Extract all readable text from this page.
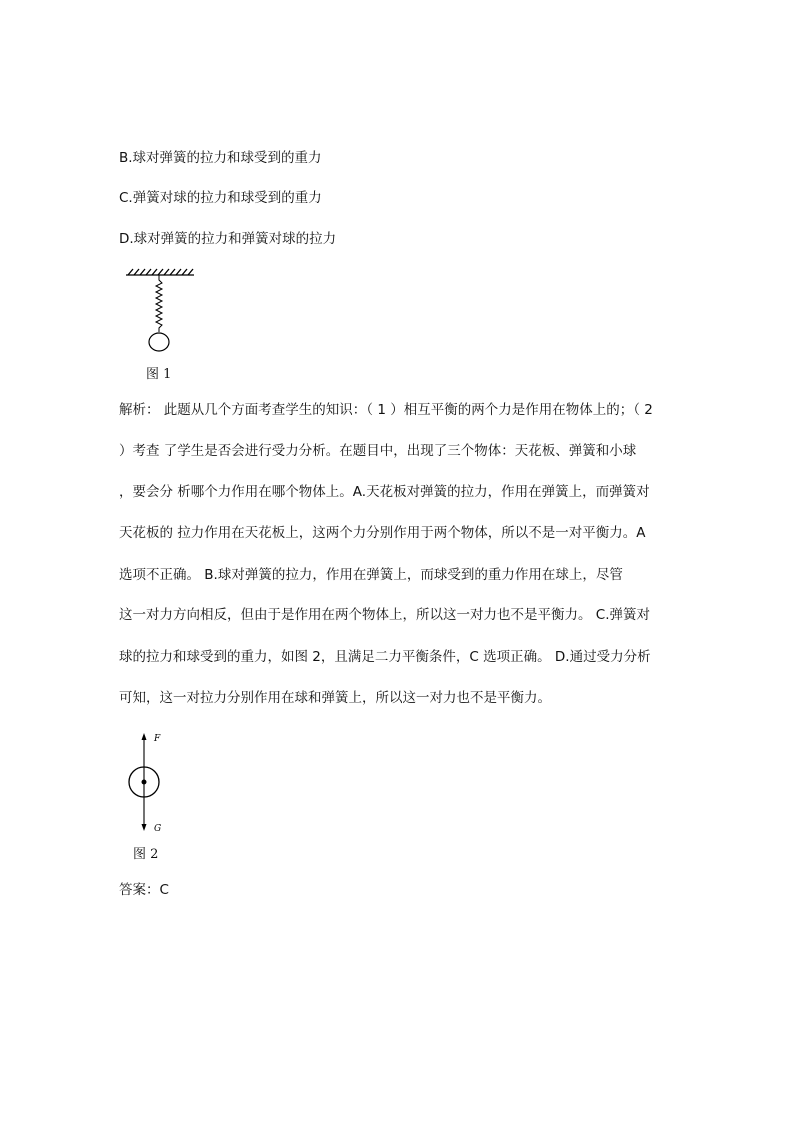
B.球对弹簧的拉力和球受到的重力
C.弹簧对球的拉力和球受到的重力
D.球对弹簧的拉力和弹簧对球的拉力
图 1
解析： 此题从几个方面考查学生的知识：（ 1 ）相互平衡的两个力是作用在物体上的；（ 2
）考查 了学生是否会进行受力分析。在题目中，出现了三个物体：天花板、弹簧和小球
，要会分 析哪个力作用在哪个物体上。A.天花板对弹簧的拉力，作用在弹簧上，而弹簧对
天花板的 拉力作用在天花板上，这两个力分别作用于两个物体，所以不是一对平衡力。A
选项不正确。 B.球对弹簧的拉力，作用在弹簧上，而球受到的重力作用在球上，尽管
这一对力方向相反，但由于是作用在两个物体上，所以这一对力也不是平衡力。 C.弹簧对
球的拉力和球受到的重力，如图 2，且满足二力平衡条件，C 选项正确。 D.通过受力分析
可知，这一对拉力分别作用在球和弹簧上，所以这一对力也不是平衡力。
F
G
图 2
答案：C
